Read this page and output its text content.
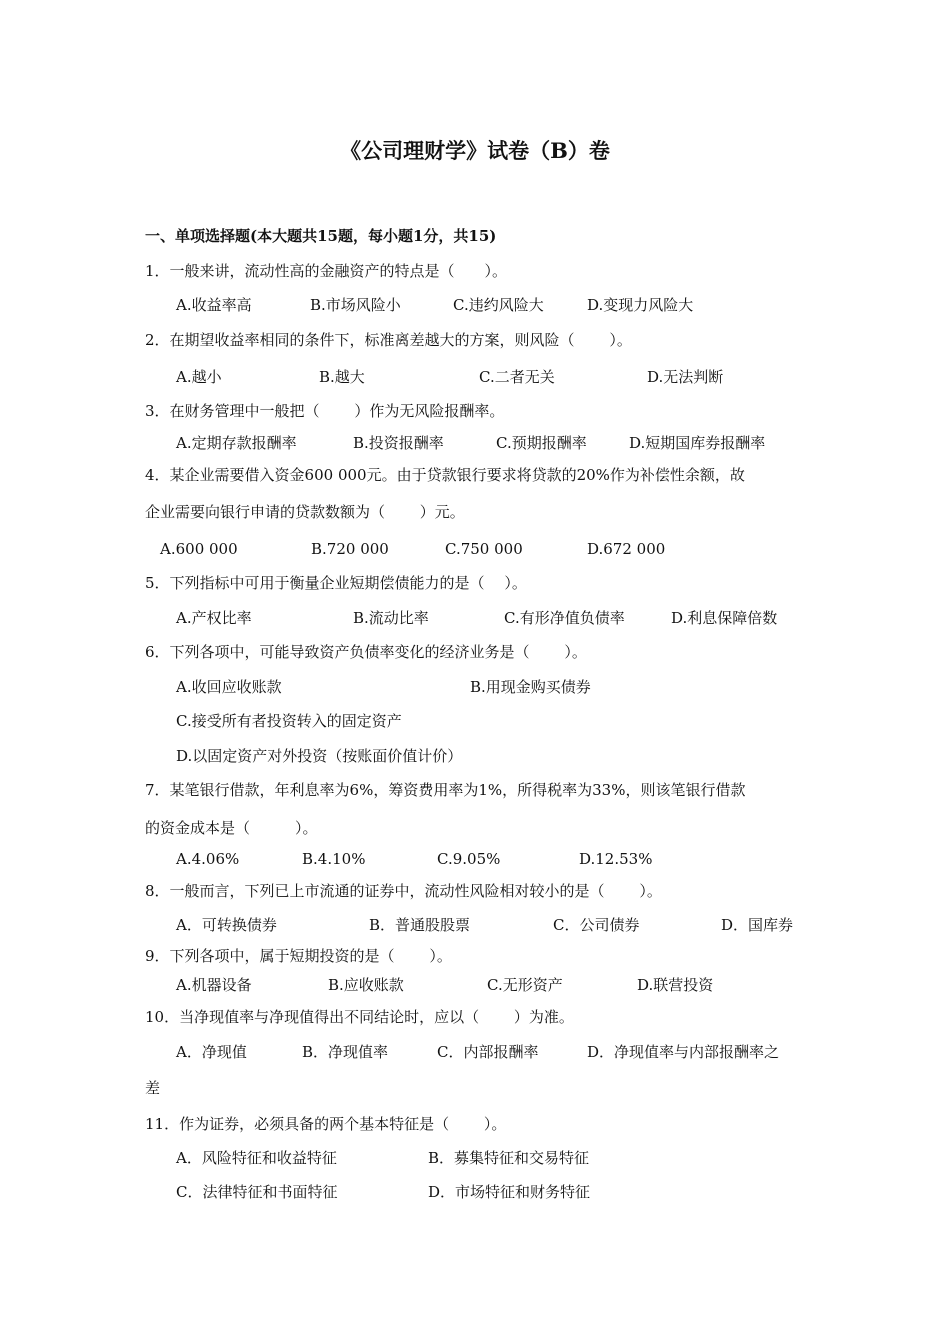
《公司理财学》试卷（B）卷
一、单项选择题(本大题共15题，每小题1分，共15)
1．一般来讲，流动性高的金融资产的特点是（　　）。
A.收益率高	B.市场风险小	C.违约风险大	D.变现力风险大
2．在期望收益率相同的条件下，标准离差越大的方案，则风险（　　 ）。
A.越小	B.越大	C.二者无关	D.无法判断
3．在财务管理中一般把（　　 ）作为无风险报酬率。
A.定期存款报酬率	B.投资报酬率	C.预期报酬率	D.短期国库券报酬率
4．某企业需要借入资金600 000元。由于贷款银行要求将贷款的20%作为补偿性余额，故
企业需要向银行申请的贷款数额为（　　 ）元。
A.600 000	B.720 000	C.750 000	D.672 000
5．下列指标中可用于衡量企业短期偿债能力的是（　 ）。
A.产权比率	B.流动比率	C.有形净值负债率	D.利息保障倍数
6．下列各项中，可能导致资产负债率变化的经济业务是（　　 ）。
A.收回应收账款	B.用现金购买债券
C.接受所有者投资转入的固定资产
D.以固定资产对外投资（按账面价值计价）
7．某笔银行借款，年利息率为6%，筹资费用率为1%，所得税率为33%，则该笔银行借款
的资金成本是（　　　）。
A.4.06%	B.4.10%	C.9.05%	D.12.53%
8．一般而言，下列已上市流通的证券中，流动性风险相对较小的是（　　 ）。
A．可转换债券	B．普通股股票	C．公司债券	D．国库券
9．下列各项中，属于短期投资的是（　　 ）。
A.机器设备	B.应收账款	C.无形资产	D.联营投资
10．当净现值率与净现值得出不同结论时，应以（　　 ）为准。
A．净现值	B．净现值率	C．内部报酬率	D．净现值率与内部报酬率之
差
11．作为证券，必须具备的两个基本特征是（　　 ）。
A．风险特征和收益特征	B．募集特征和交易特征
C．法律特征和书面特征	D．市场特征和财务特征
